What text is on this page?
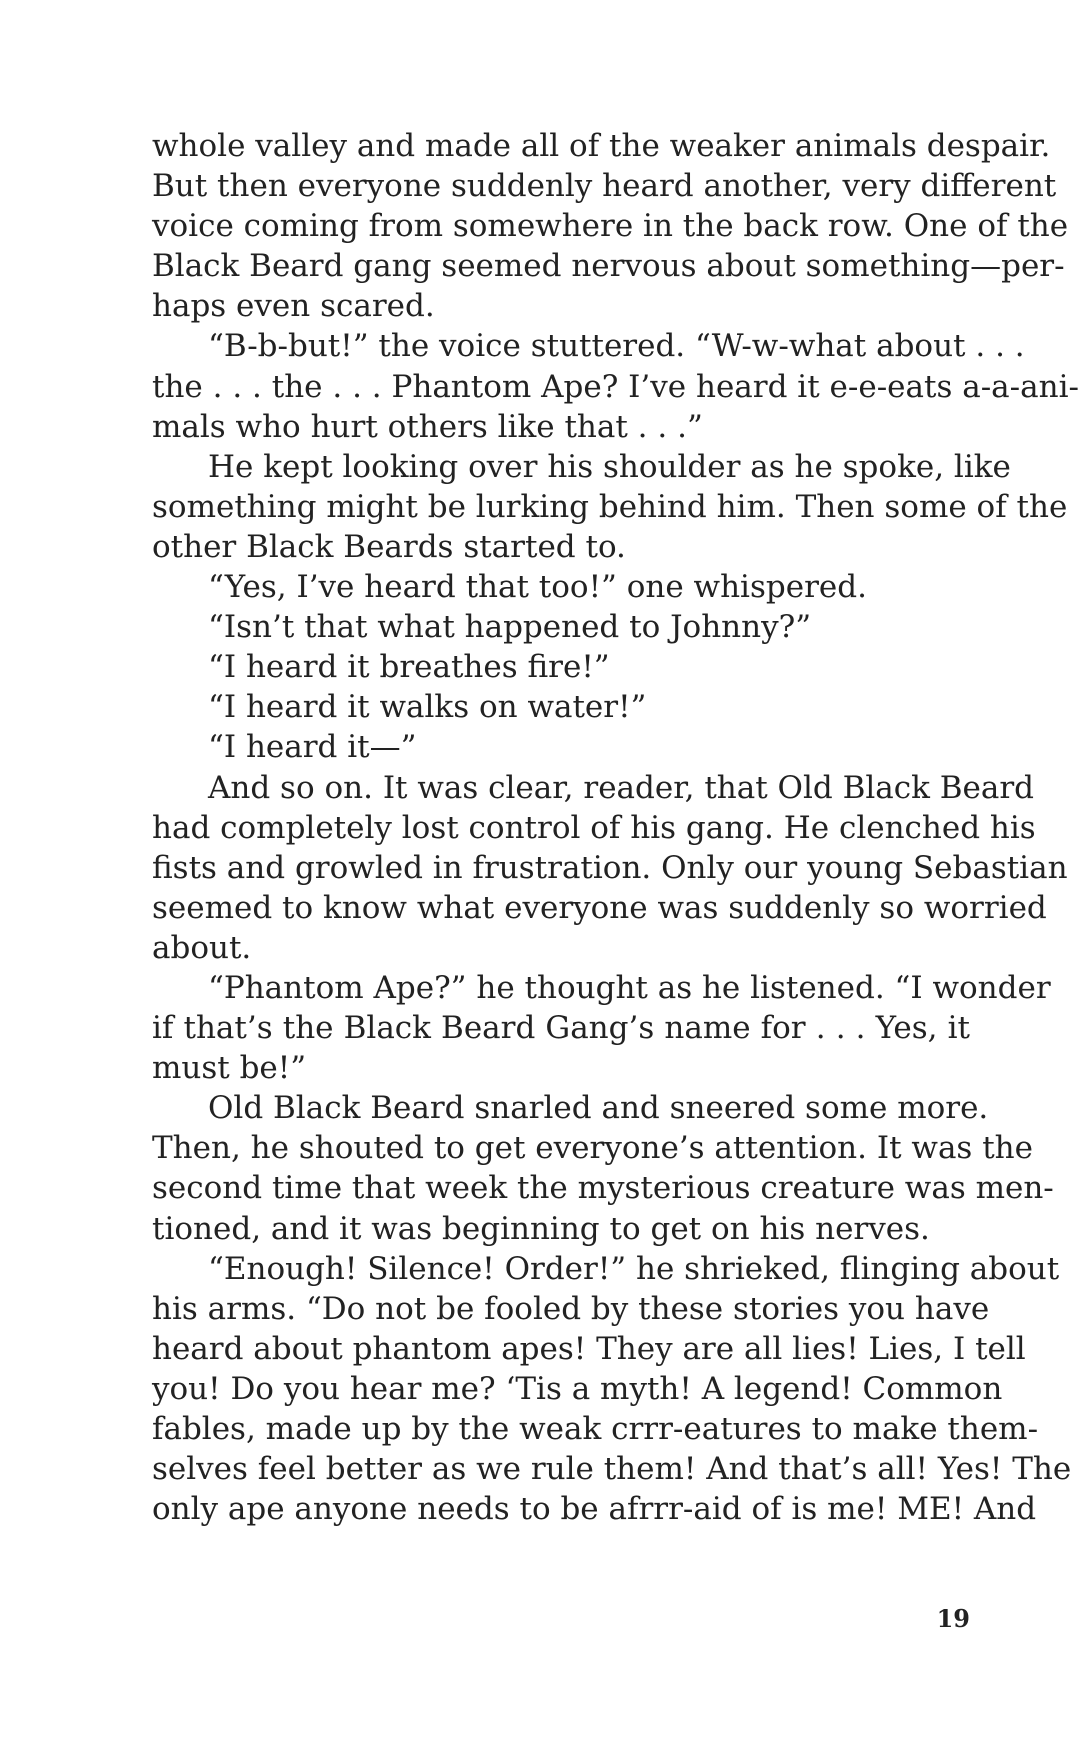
whole valley and made all of the weaker animals despair.
But then everyone suddenly heard another, very different
voice coming from somewhere in the back row. One of the
Black Beard gang seemed nervous about something—per-
haps even scared.
“B-b-but!” the voice stuttered. “W-w-what about . . .
the . . . the . . . Phantom Ape? I’ve heard it e-e-eats a-a-ani-
mals who hurt others like that . . .”
He kept looking over his shoulder as he spoke, like
something might be lurking behind him. Then some of the
other Black Beards started to.
“Yes, I’ve heard that too!” one whispered.
“Isn’t that what happened to Johnny?”
“I heard it breathes fire!”
“I heard it walks on water!”
“I heard it—”
And so on. It was clear, reader, that Old Black Beard
had completely lost control of his gang. He clenched his
fists and growled in frustration. Only our young Sebastian
seemed to know what everyone was suddenly so worried
about.
“Phantom Ape?” he thought as he listened. “I wonder
if that’s the Black Beard Gang’s name for . . . Yes, it
must be!”
Old Black Beard snarled and sneered some more.
Then, he shouted to get everyone’s attention. It was the
second time that week the mysterious creature was men-
tioned, and it was beginning to get on his nerves.
“Enough! Silence! Order!” he shrieked, flinging about
his arms. “Do not be fooled by these stories you have
heard about phantom apes! They are all lies! Lies, I tell
you! Do you hear me? ‘Tis a myth! A legend! Common
fables, made up by the weak crrr-eatures to make them-
selves feel better as we rule them! And that’s all! Yes! The
only ape anyone needs to be afrrr-aid of is me! ME! And
19
